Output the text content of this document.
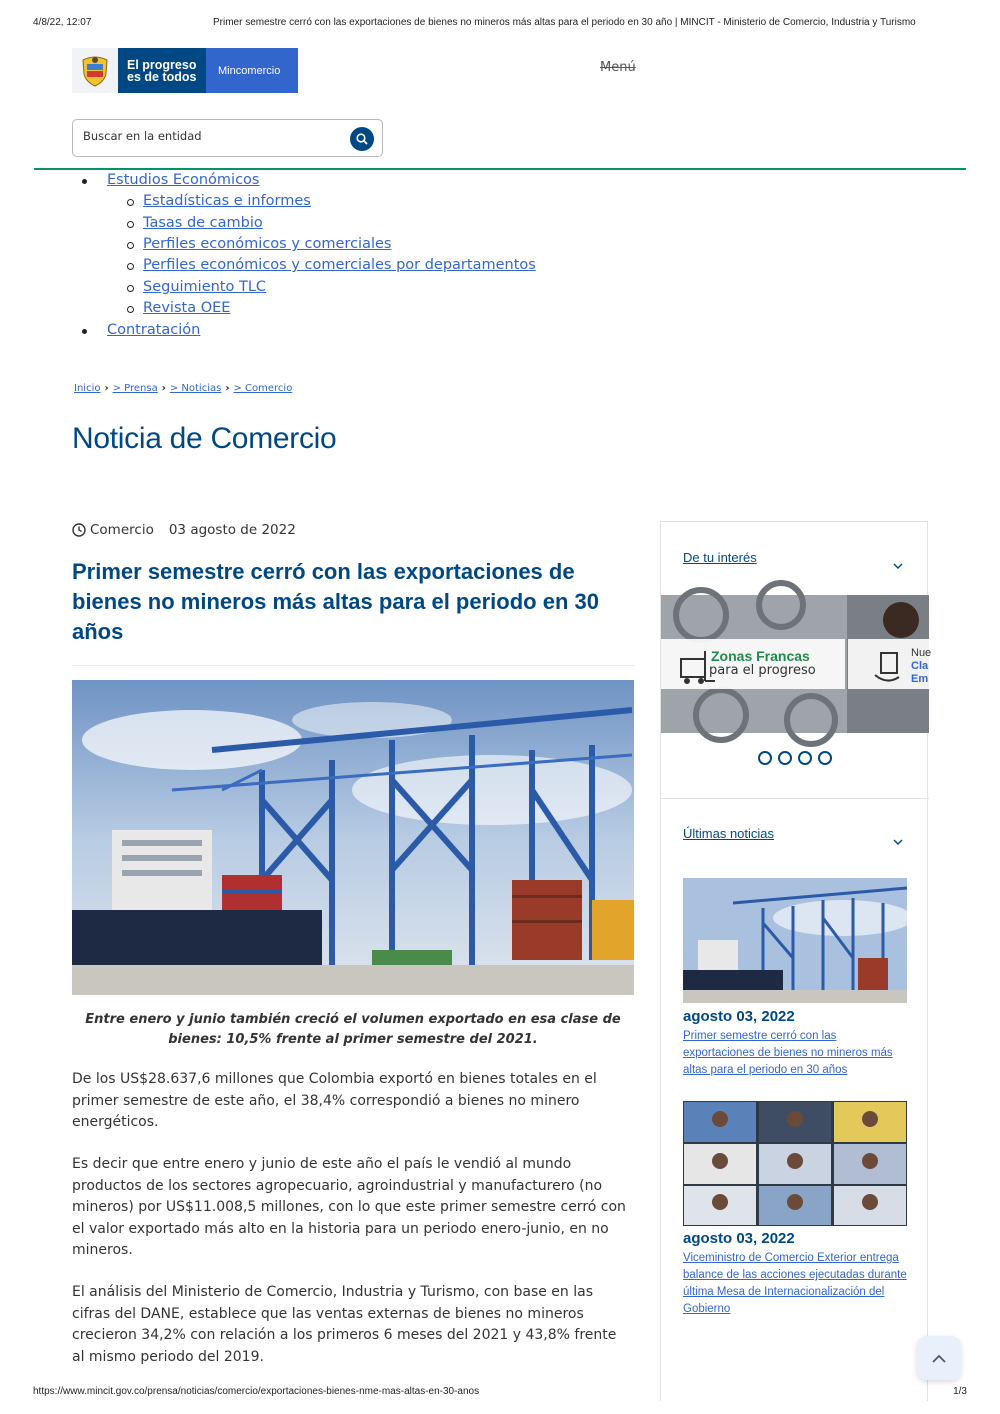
4/8/22, 12:07	Primer semestre cerró con las exportaciones de bienes no mineros más altas para el periodo en 30 año | MINCIT - Ministerio de Comercio, Industria y Turismo
El progreso
es de todos	Mincomercio	Menú
Buscar en la entidad
Estudios Económicos
Estadísticas e informes
Tasas de cambio
Perfiles económicos y comerciales
Perfiles económicos y comerciales por departamentos
Seguimiento TLC
Revista OEE
Contratación
Inicio › > Prensa › > Noticias › > Comercio
Noticia de Comercio
Comercio 03 agosto de 2022
Primer semestre cerró con las exportaciones de bienes no mineros más altas para el periodo en 30 años

Entre enero y junio también creció el volumen exportado en esa clase de bienes: 10,5% frente al primer semestre del 2021.

De los US$28.637,6 millones que Colombia exportó en bienes totales en el primer semestre de este año, el 38,4% correspondió a bienes no minero energéticos.

Es decir que entre enero y junio de este año el país le vendió al mundo productos de los sectores agropecuario, agroindustrial y manufacturero (no mineros) por US$11.008,5 millones, con lo que este primer semestre cerró con el valor exportado más alto en la historia para un periodo enero-junio, en no mineros.

El análisis del Ministerio de Comercio, Industria y Turismo, con base en las cifras del DANE, establece que las ventas externas de bienes no mineros crecieron 34,2% con relación a los primeros 6 meses del 2021 y 43,8% frente al mismo periodo del 2019.

De tu interés
Zonas Francas
para el progreso
Nue
Cla
Em
Últimas noticias
agosto 03, 2022
Primer semestre cerró con las exportaciones de bienes no mineros más altas para el periodo en 30 años
agosto 03, 2022
Viceministro de Comercio Exterior entrega balance de las acciones ejecutadas durante última Mesa de Internacionalización del Gobierno
https://www.mincit.gov.co/prensa/noticias/comercio/exportaciones-bienes-nme-mas-altas-en-30-anos	1/3
